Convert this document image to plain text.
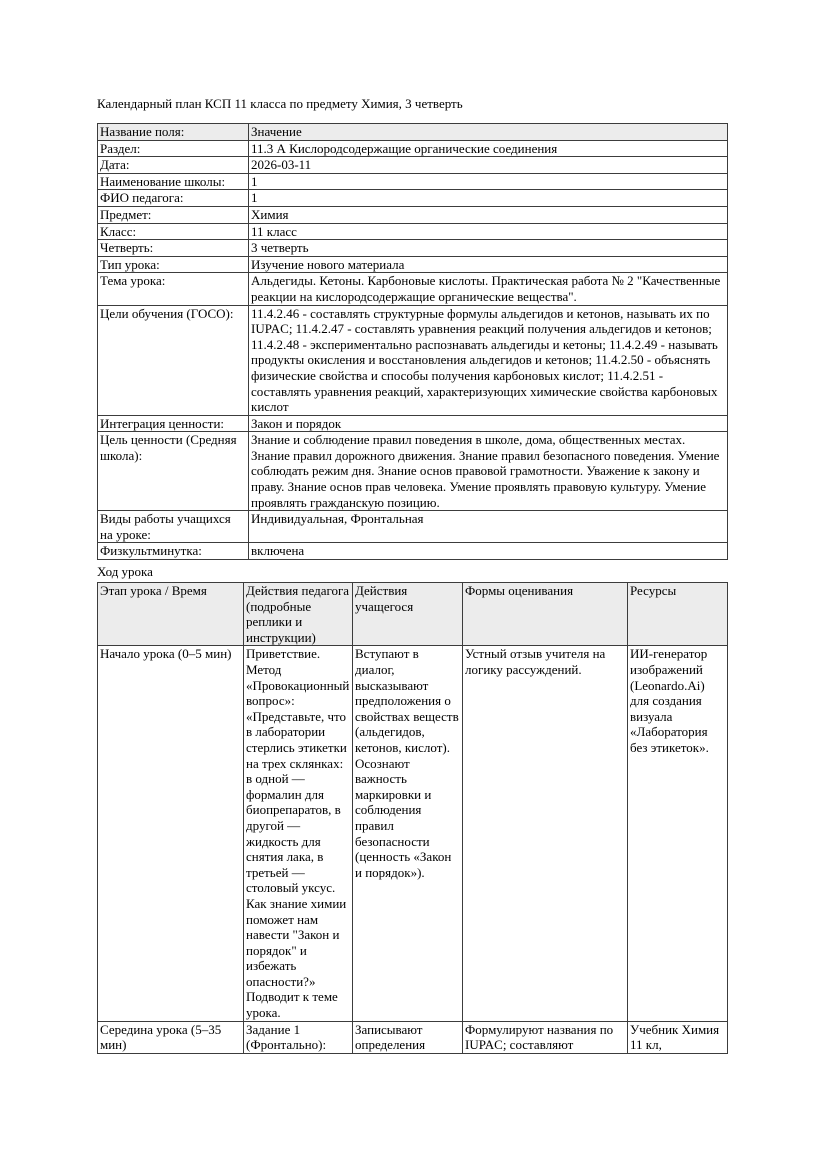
Календарный план КСП 11 класса по предмету Химия, 3 четверть

Название поля:	Значение
Раздел:	11.3 А Кислородсодержащие органические соединения
Дата:	2026-03-11
Наименование школы:	1
ФИО педагога:	1
Предмет:	Химия
Класс:	11 класс
Четверть:	3 четверть
Тип урока:	Изучение нового материала
Тема урока:	Альдегиды. Кетоны. Карбоновые кислоты. Практическая работа № 2 "Качественные реакции на кислородсодержащие органические вещества".
Цели обучения (ГОСО):	11.4.2.46 - составлять структурные формулы альдегидов и кетонов, называть их по IUPAC; 11.4.2.47 - составлять уравнения реакций получения альдегидов и кетонов; 11.4.2.48 - экспериментально распознавать альдегиды и кетоны; 11.4.2.49 - называть продукты окисления и восстановления альдегидов и кетонов; 11.4.2.50 - объяснять физические свойства и способы получения карбоновых кислот; 11.4.2.51 - составлять уравнения реакций, характеризующих химические свойства карбоновых кислот
Интеграция ценности:	Закон и порядок
Цель ценности (Средняя школа):	Знание и соблюдение правил поведения в школе, дома, общественных местах. Знание правил дорожного движения. Знание правил безопасного поведения. Умение соблюдать режим дня. Знание основ правовой грамотности. Уважение к закону и праву. Знание основ прав человека. Умение проявлять правовую культуру. Умение проявлять гражданскую позицию.
Виды работы учащихся на уроке:	Индивидуальная, Фронтальная
Физкультминутка:	включена

Ход урока

Этап урока / Время	Действия педагога (подробные реплики и инструкции)	Действия учащегося	Формы оценивания	Ресурсы
Начало урока (0–5 мин)	Приветствие. Метод «Провокационный вопрос»: «Представьте, что в лаборатории стерлись этикетки на трех склянках: в одной — формалин для биопрепаратов, в другой — жидкость для снятия лака, в третьей — столовый уксус. Как знание химии поможет нам навести "Закон и порядок" и избежать опасности?» Подводит к теме урока.	Вступают в диалог, высказывают предположения о свойствах веществ (альдегидов, кетонов, кислот). Осознают важность маркировки и соблюдения правил безопасности (ценность «Закон и порядок»).	Устный отзыв учителя на логику рассуждений.	ИИ-генератор изображений (Leonardo.Ai) для создания визуала «Лаборатория без этикеток».
Середина урока (5–35 мин)	Задание 1 (Фронтально):	Записывают определения	Формулируют названия по IUPAC; составляют	Учебник Химия 11 кл,
